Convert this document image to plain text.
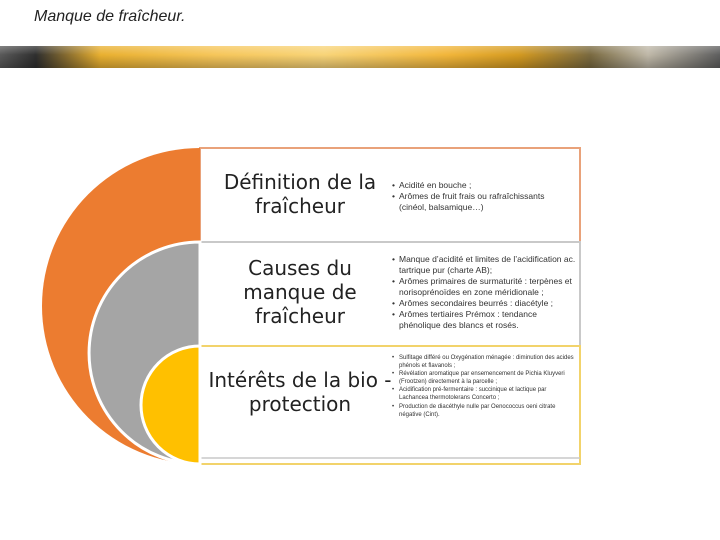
Manque de fraîcheur.
Définition de la fraîcheur
Causes du manque de fraîcheur
Intérêts de la bio -protection
• Acidité en bouche ;
• Arômes de fruit frais ou rafraîchissants (cinéol, balsamique…)
• Manque d’acidité et limites de l’acidification ac. tartrique pur (charte AB);
• Arômes primaires de surmaturité : terpènes et norisoprénoïdes en zone méridionale ;
• Arômes secondaires beurrés : diacétyle ;
• Arômes tertiaires Prémox : tendance phénolique des blancs et rosés.
• Sulfitage différé ou Oxygénation ménagée : diminution des acides phénols et flavanols ;
• Révélation aromatique par ensemencement de Pichia Kluyveri (Frootzen) directement à la parcelle ;
• Acidification pré-fermentaire : succinique et lactique par Lachancea thermotolerans Concerto ;
• Production de diacéthyle nulle par Oenococcus oeni citrate négative (Cint).
